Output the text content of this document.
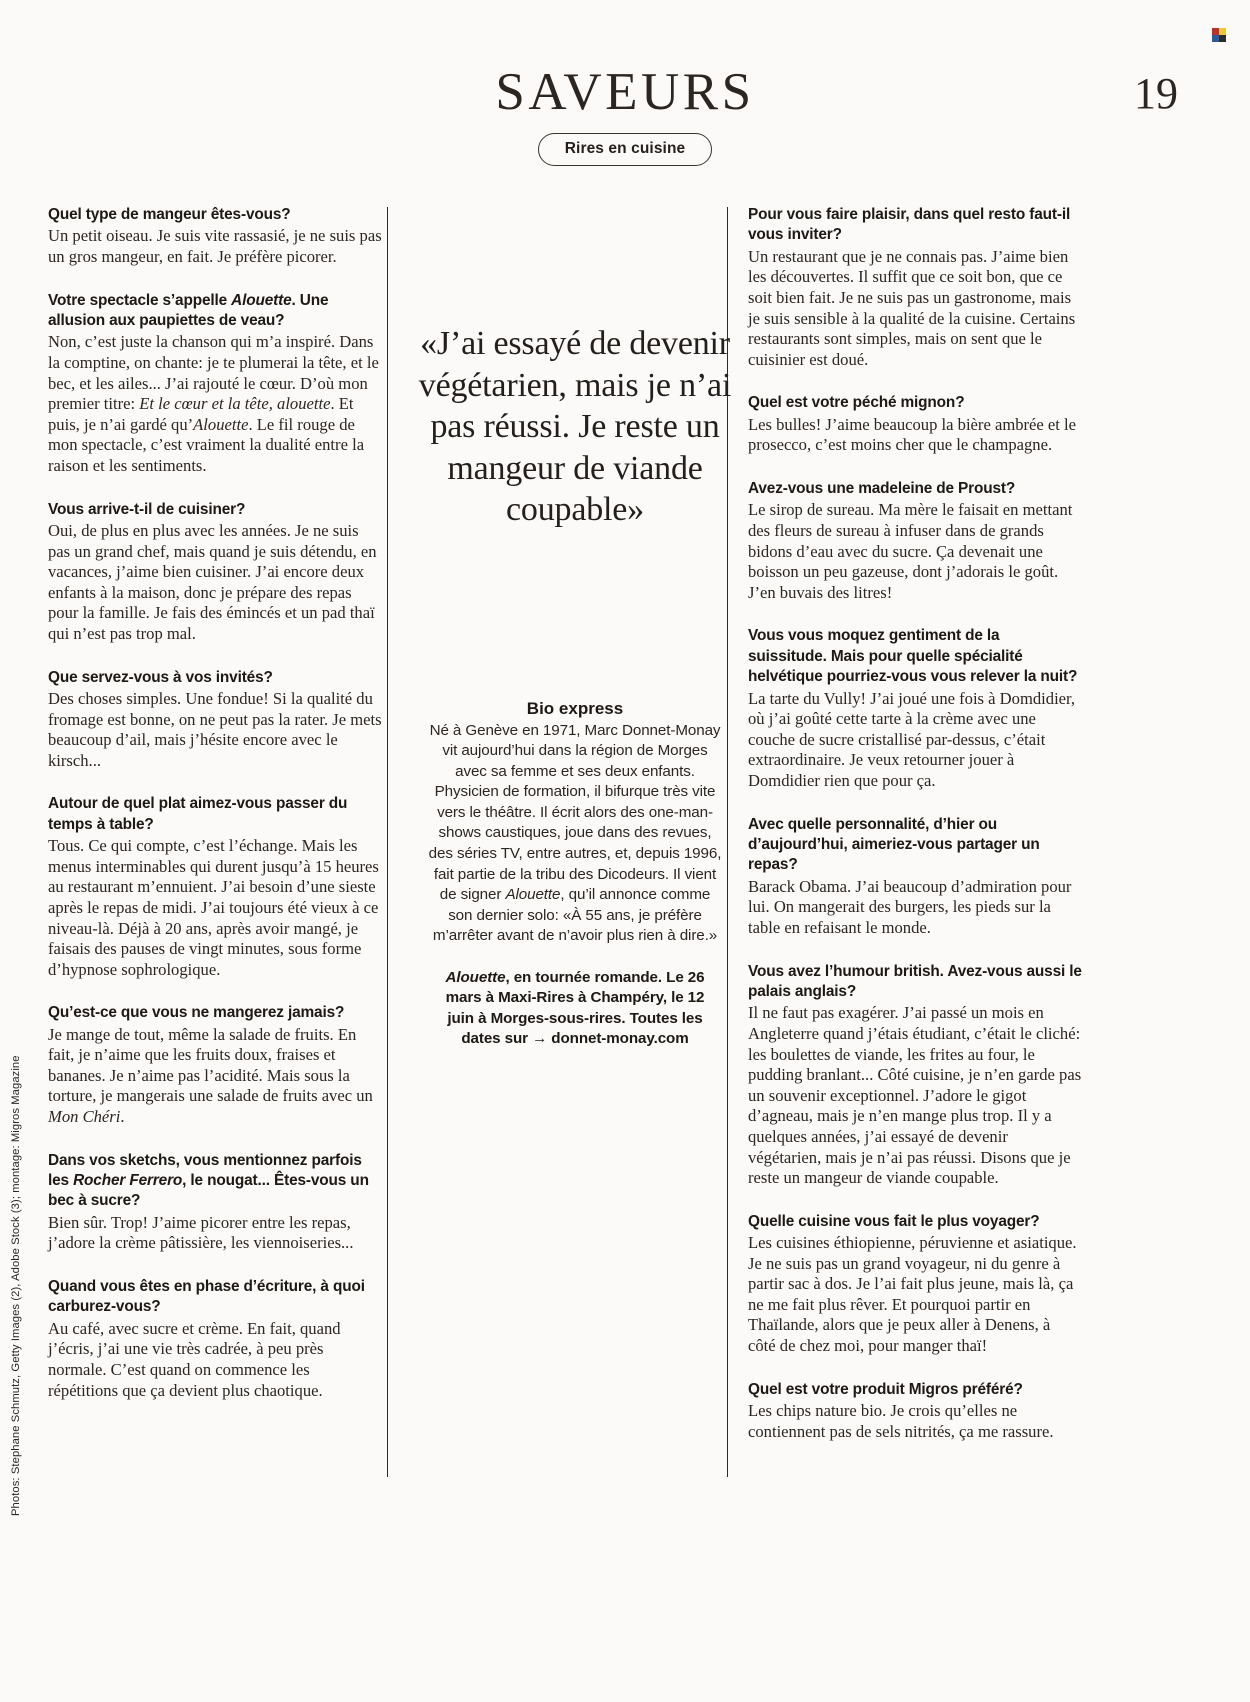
SAVEURS
Rires en cuisine
19

Quel type de mangeur êtes-vous?

Un petit oiseau. Je suis vite rassasié, je ne suis pas un gros mangeur, en fait. Je préfère picorer.

Votre spectacle s’appelle Alouette. Une allusion aux paupiettes de veau?

Non, c’est juste la chanson qui m’a inspiré. Dans la comptine, on chante: je te plumerai la tête, et le bec, et les ailes... J’ai rajouté le cœur. D’où mon premier titre: Et le cœur et la tête, alouette. Et puis, je n’ai gardé qu’Alouette. Le fil rouge de mon spectacle, c’est vraiment la dualité entre la raison et les sentiments.

Vous arrive-t-il de cuisiner?

Oui, de plus en plus avec les années. Je ne suis pas un grand chef, mais quand je suis détendu, en vacances, j’aime bien cuisiner. J’ai encore deux enfants à la maison, donc je prépare des repas pour la famille. Je fais des émincés et un pad thaï qui n’est pas trop mal.

Que servez-vous à vos invités?

Des choses simples. Une fondue! Si la qualité du fromage est bonne, on ne peut pas la rater. Je mets beaucoup d’ail, mais j’hésite encore avec le kirsch...

Autour de quel plat aimez-vous passer du temps à table?

Tous. Ce qui compte, c’est l’échange. Mais les menus interminables qui durent jusqu’à 15 heures au restaurant m’ennuient. J’ai besoin d’une sieste après le repas de midi. J’ai toujours été vieux à ce niveau-là. Déjà à 20 ans, après avoir mangé, je faisais des pauses de vingt minutes, sous forme d’hypnose sophrologique.

Qu’est-ce que vous ne mangerez jamais?

Je mange de tout, même la salade de fruits. En fait, je n’aime que les fruits doux, fraises et bananes. Je n’aime pas l’acidité. Mais sous la torture, je mangerais une salade de fruits avec un Mon Chéri.

Dans vos sketchs, vous mentionnez parfois les Rocher Ferrero, le nougat... Êtes-vous un bec à sucre?

Bien sûr. Trop! J’aime picorer entre les repas, j’adore la crème pâtissière, les viennoiseries...

Quand vous êtes en phase d’écriture, à quoi carburez-vous?

Au café, avec sucre et crème. En fait, quand j’écris, j’ai une vie très cadrée, à peu près normale. C’est quand on commence les répétitions que ça devient plus chaotique.

«J’ai essayé de devenir végétarien, mais je n’ai pas réussi. Je reste un mangeur de viande coupable»

Bio express

Né à Genève en 1971, Marc Donnet-Monay vit aujourd’hui dans la région de Morges avec sa femme et ses deux enfants. Physicien de formation, il bifurque très vite vers le théâtre. Il écrit alors des one-man-shows caustiques, joue dans des revues, des séries TV, entre autres, et, depuis 1996, fait partie de la tribu des Dicodeurs. Il vient de signer Alouette, qu’il annonce comme son dernier solo: «À 55 ans, je préfère m’arrêter avant de n’avoir plus rien à dire.»

Alouette, en tournée romande. Le 26 mars à Maxi-Rires à Champéry, le 12 juin à Morges-sous-rires. Toutes les dates sur → donnet-monay.com

Pour vous faire plaisir, dans quel resto faut-il vous inviter?

Un restaurant que je ne connais pas. J’aime bien les découvertes. Il suffit que ce soit bon, que ce soit bien fait. Je ne suis pas un gastronome, mais je suis sensible à la qualité de la cuisine. Certains restaurants sont simples, mais on sent que le cuisinier est doué.

Quel est votre péché mignon?

Les bulles! J’aime beaucoup la bière ambrée et le prosecco, c’est moins cher que le champagne.

Avez-vous une madeleine de Proust?

Le sirop de sureau. Ma mère le faisait en mettant des fleurs de sureau à infuser dans de grands bidons d’eau avec du sucre. Ça devenait une boisson un peu gazeuse, dont j’adorais le goût. J’en buvais des litres!

Vous vous moquez gentiment de la suissitude. Mais pour quelle spécialité helvétique pourriez-vous vous relever la nuit?

La tarte du Vully! J’ai joué une fois à Domdidier, où j’ai goûté cette tarte à la crème avec une couche de sucre cristallisé par-dessus, c’était extraordinaire. Je veux retourner jouer à Domdidier rien que pour ça.

Avec quelle personnalité, d’hier ou d’aujourd’hui, aimeriez-vous partager un repas?

Barack Obama. J’ai beaucoup d’admiration pour lui. On mangerait des burgers, les pieds sur la table en refaisant le monde.

Vous avez l’humour british. Avez-vous aussi le palais anglais?

Il ne faut pas exagérer. J’ai passé un mois en Angleterre quand j’étais étudiant, c’était le cliché: les boulettes de viande, les frites au four, le pudding branlant... Côté cuisine, je n’en garde pas un souvenir exceptionnel. J’adore le gigot d’agneau, mais je n’en mange plus trop. Il y a quelques années, j’ai essayé de devenir végétarien, mais je n’ai pas réussi. Disons que je reste un mangeur de viande coupable.

Quelle cuisine vous fait le plus voyager?

Les cuisines éthiopienne, péruvienne et asiatique. Je ne suis pas un grand voyageur, ni du genre à partir sac à dos. Je l’ai fait plus jeune, mais là, ça ne me fait plus rêver. Et pourquoi partir en Thaïlande, alors que je peux aller à Denens, à côté de chez moi, pour manger thaï!

Quel est votre produit Migros préféré?

Les chips nature bio. Je crois qu’elles ne contiennent pas de sels nitrités, ça me rassure.

Photos: Stephane Schmutz, Getty Images (2), Adobe Stock (3); montage: Migros Magazine
